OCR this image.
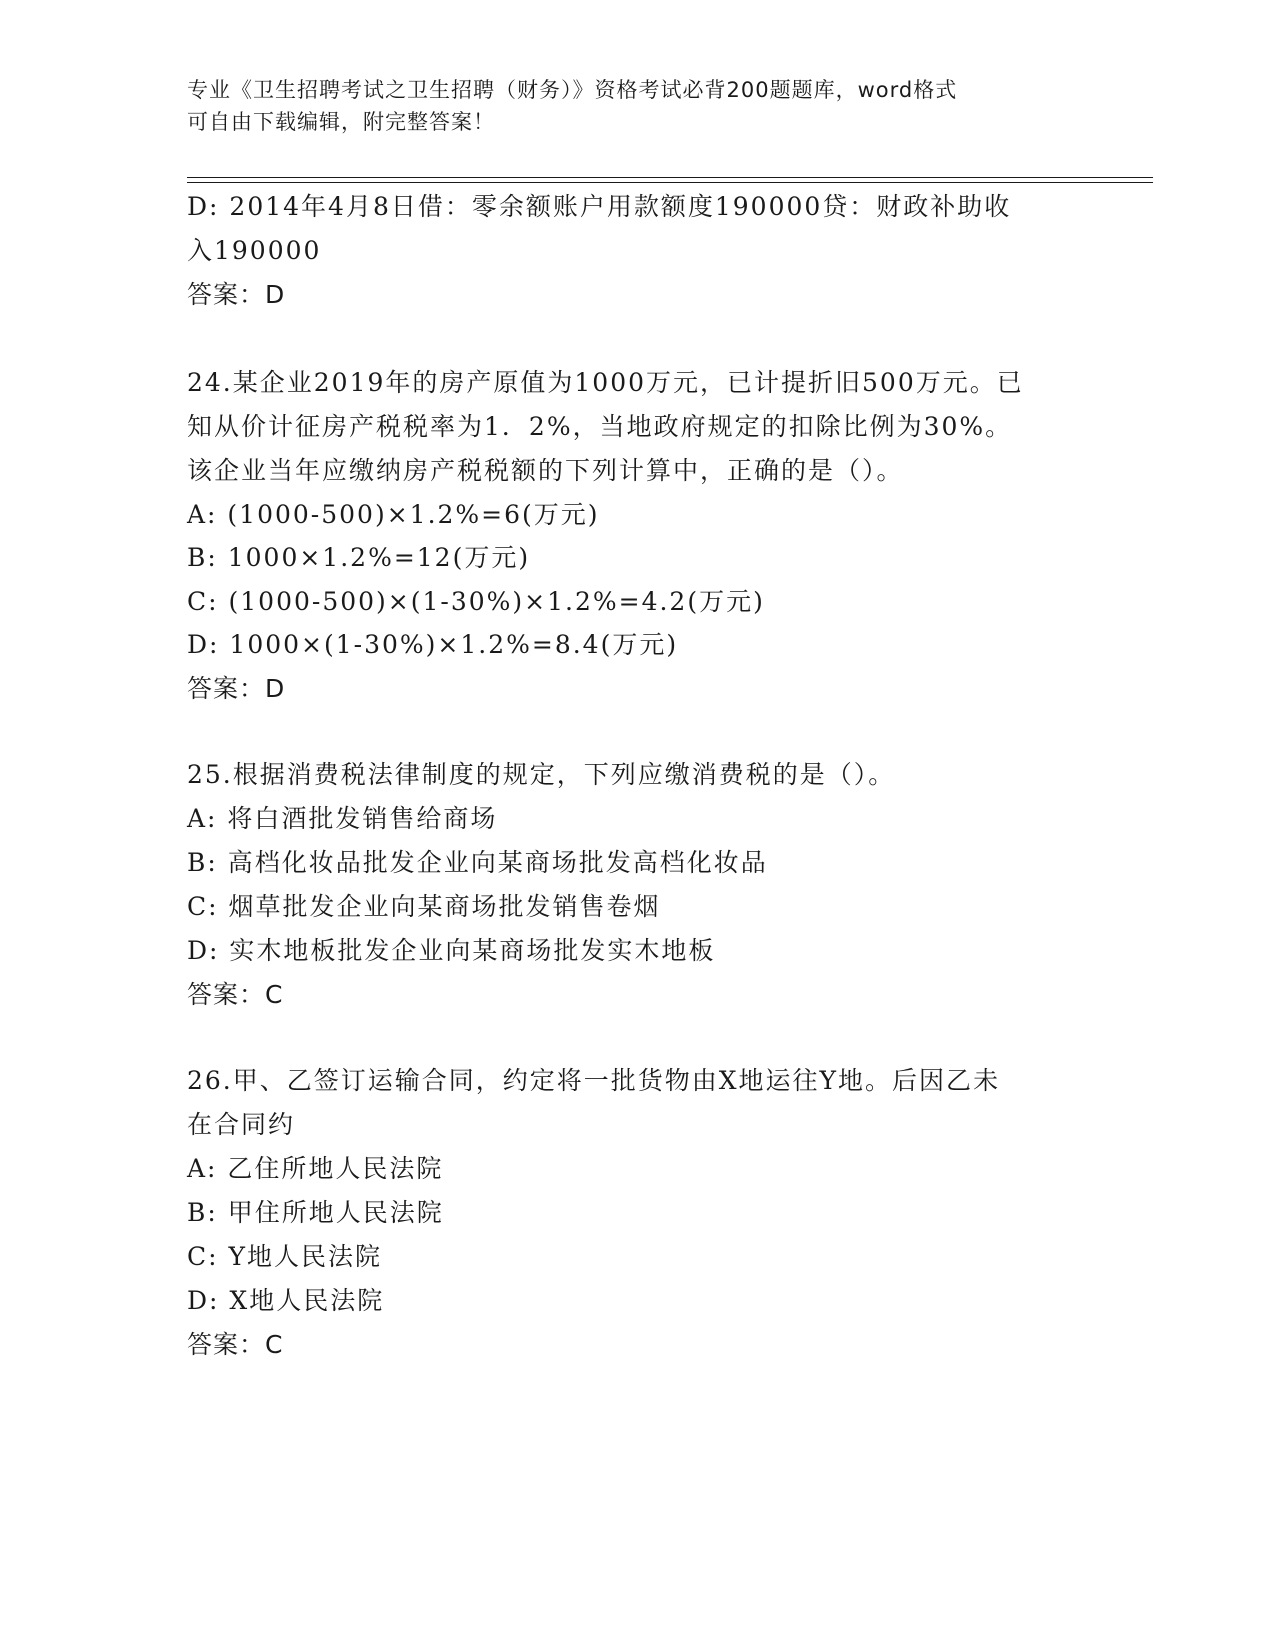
专业《卫生招聘考试之卫生招聘（财务）》资格考试必背200题题库，word格式
可自由下载编辑，附完整答案！
D: 2014年4月8日借：零余额账户用款额度190000贷：财政补助收
入190000
答案：D
24.某企业2019年的房产原值为1000万元，已计提折旧500万元。已
知从价计征房产税税率为1．2%，当地政府规定的扣除比例为30%。
该企业当年应缴纳房产税税额的下列计算中，正确的是（）。
A: (1000-500)×1.2%=6(万元)
B: 1000×1.2%=12(万元)
C: (1000-500)×(1-30%)×1.2%=4.2(万元)
D: 1000×(1-30%)×1.2%=8.4(万元)
答案：D
25.根据消费税法律制度的规定，下列应缴消费税的是（）。
A: 将白酒批发销售给商场
B: 高档化妆品批发企业向某商场批发高档化妆品
C: 烟草批发企业向某商场批发销售卷烟
D: 实木地板批发企业向某商场批发实木地板
答案：C
26.甲、乙签订运输合同，约定将一批货物由X地运往Y地。后因乙未
在合同约
A: 乙住所地人民法院
B: 甲住所地人民法院
C: Y地人民法院
D: X地人民法院
答案：C
